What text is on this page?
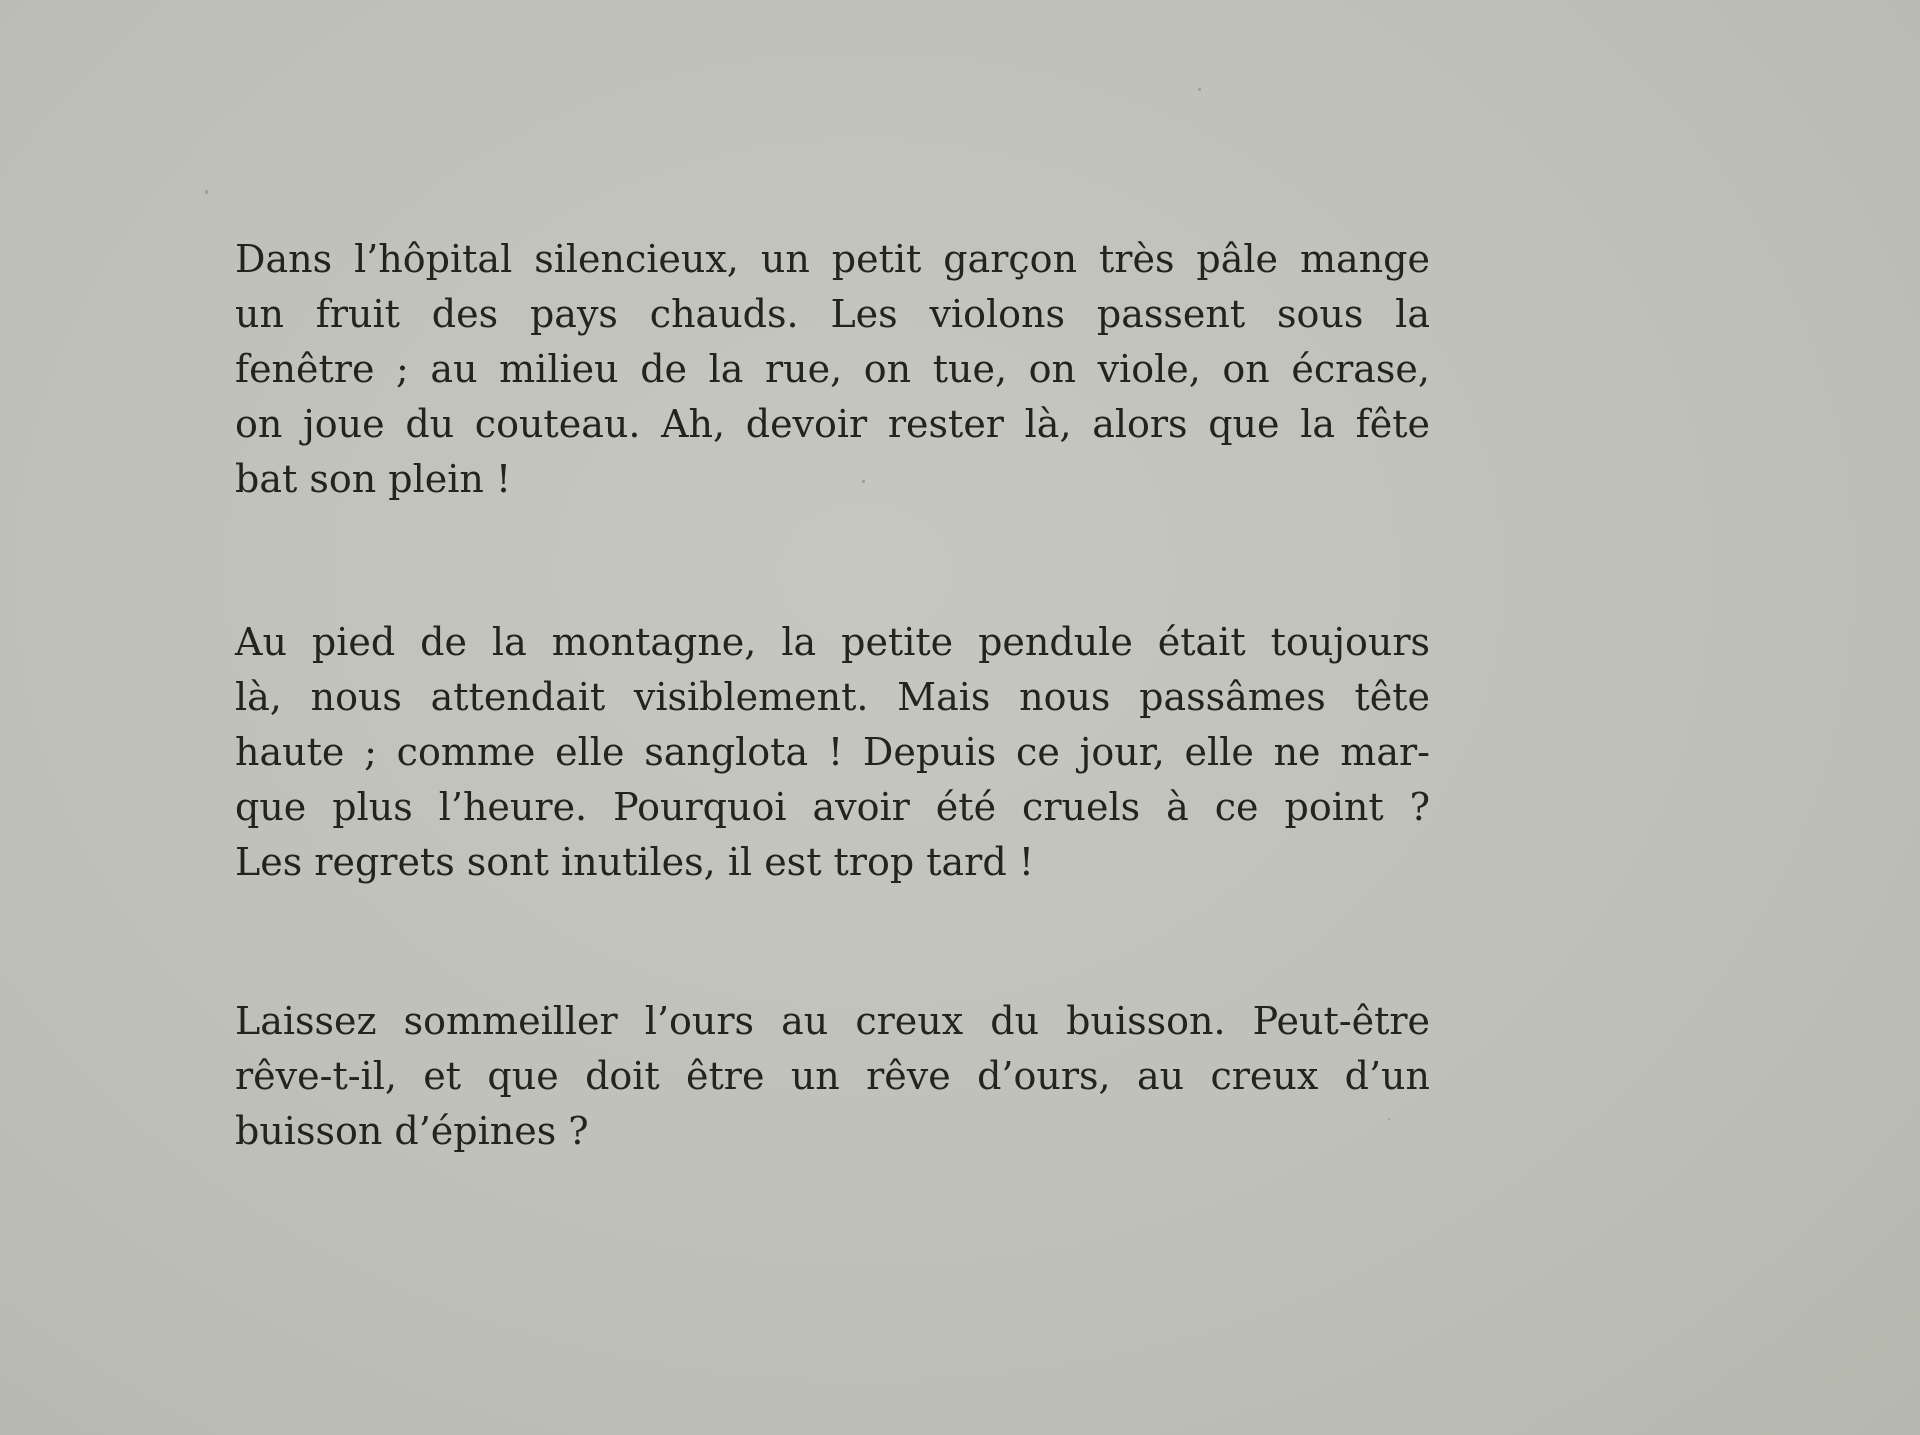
Dans l’hôpital silencieux, un petit garçon très pâle mange
un fruit des pays chauds. Les violons passent sous la
fenêtre ; au milieu de la rue, on tue, on viole, on écrase,
on joue du couteau. Ah, devoir rester là, alors que la fête
bat son plein !
Au pied de la montagne, la petite pendule était toujours
là, nous attendait visiblement. Mais nous passâmes tête
haute ; comme elle sanglota ! Depuis ce jour, elle ne mar-
que plus l’heure. Pourquoi avoir été cruels à ce point ?
Les regrets sont inutiles, il est trop tard !
Laissez sommeiller l’ours au creux du buisson. Peut-être
rêve-t-il, et que doit être un rêve d’ours, au creux d’un
buisson d’épines ?
